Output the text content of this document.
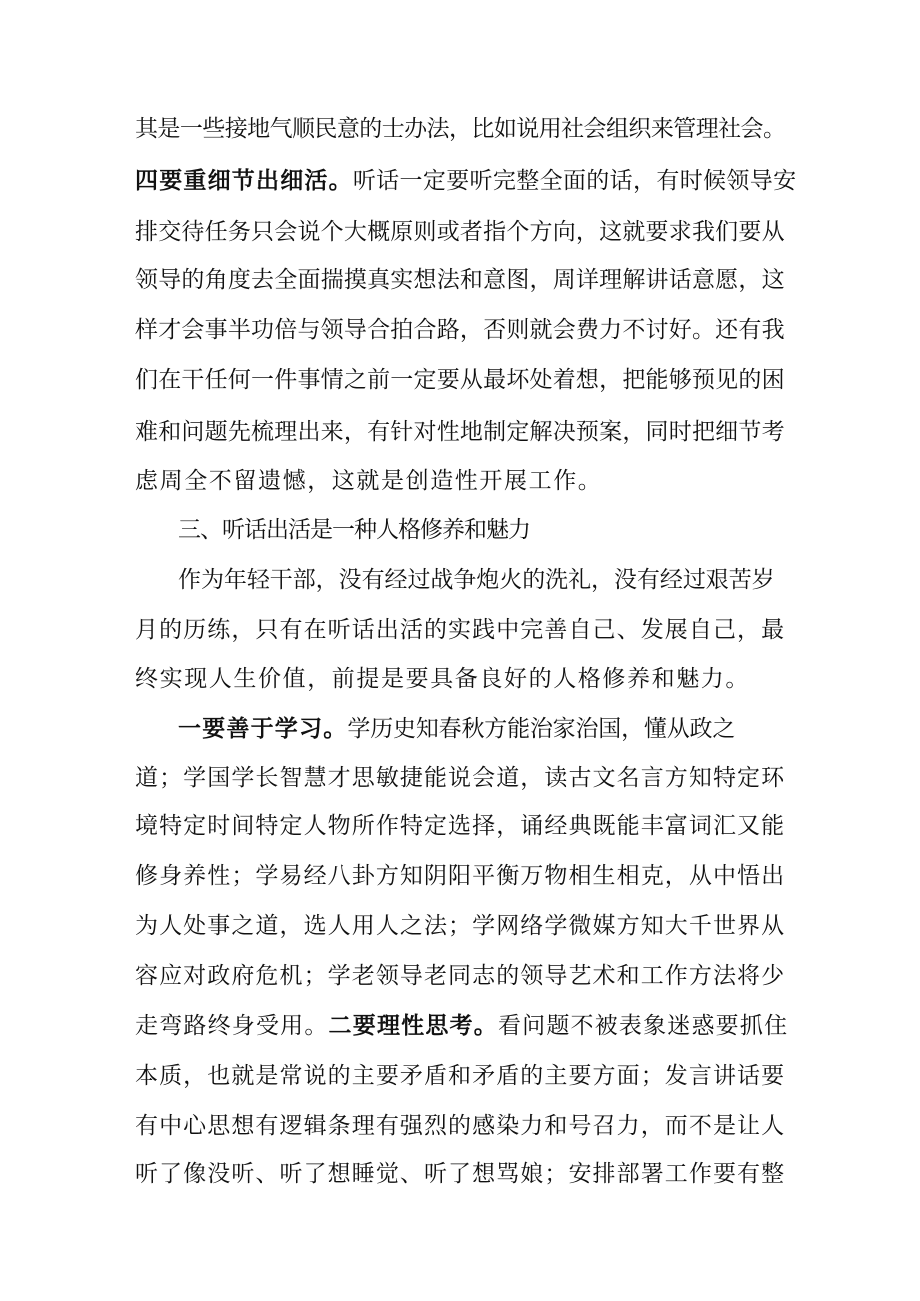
其是一些接地气顺民意的士办法，比如说用社会组织来管理社会。
四要重细节出细活。听话一定要听完整全面的话，有时候领导安
排交待任务只会说个大概原则或者指个方向，这就要求我们要从
领导的角度去全面揣摸真实想法和意图，周详理解讲话意愿，这
样才会事半功倍与领导合拍合路，否则就会费力不讨好。还有我
们在干任何一件事情之前一定要从最坏处着想，把能够预见的困
难和问题先梳理出来，有针对性地制定解决预案，同时把细节考
虑周全不留遗憾，这就是创造性开展工作。
三、听话出活是一种人格修养和魅力
作为年轻干部，没有经过战争炮火的洗礼，没有经过艰苦岁
月的历练，只有在听话出活的实践中完善自己、发展自己，最
终实现人生价值，前提是要具备良好的人格修养和魅力。
一要善于学习。学历史知春秋方能治家治国，懂从政之
道；学国学长智慧才思敏捷能说会道，读古文名言方知特定环
境特定时间特定人物所作特定选择，诵经典既能丰富词汇又能
修身养性；学易经八卦方知阴阳平衡万物相生相克，从中悟出
为人处事之道，选人用人之法；学网络学微媒方知大千世界从
容应对政府危机；学老领导老同志的领导艺术和工作方法将少
走弯路终身受用。二要理性思考。看问题不被表象迷惑要抓住
本质，也就是常说的主要矛盾和矛盾的主要方面；发言讲话要
有中心思想有逻辑条理有强烈的感染力和号召力，而不是让人
听了像没听、听了想睡觉、听了想骂娘；安排部署工作要有整
